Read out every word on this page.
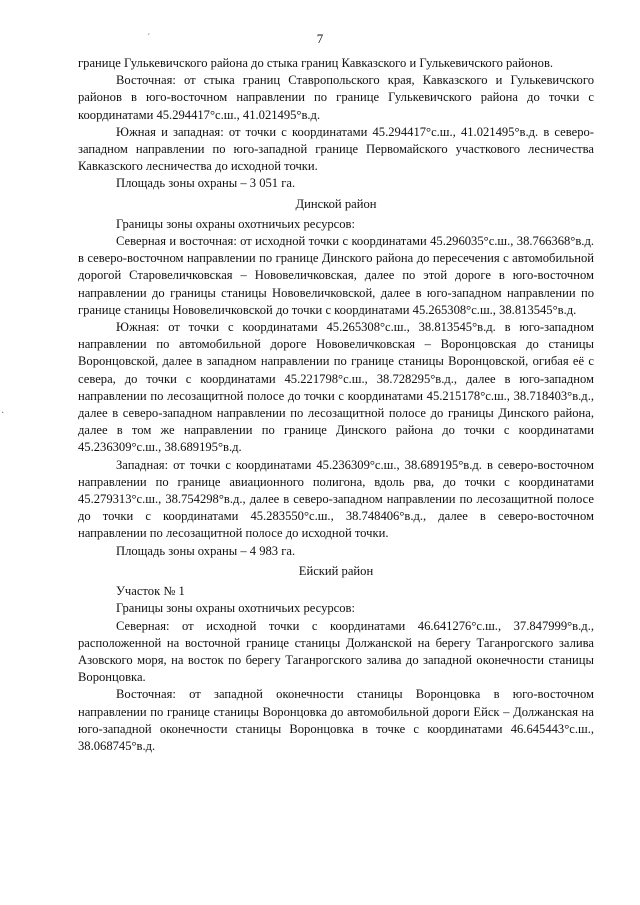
7
´
·

границе Гулькевичского района до стыка границ Кавказского и Гулькевичского районов.

Восточная: от стыка границ Ставропольского края, Кавказского и Гулькевичского районов в юго-восточном направлении по границе Гулькевичского района до точки с координатами 45.294417°с.ш., 41.021495°в.д.

Южная и западная: от точки с координатами 45.294417°с.ш., 41.021495°в.д. в северо-западном направлении по юго-западной границе Первомайского участкового лесничества Кавказского лесничества до исходной точки.

Площадь зоны охраны – 3 051 га.

Динской район

Границы зоны охраны охотничьих ресурсов:

Северная и восточная: от исходной точки с координатами 45.296035°с.ш., 38.766368°в.д. в северо-восточном направлении по границе Динского района до пересечения с автомобильной дорогой Старовеличковская – Нововеличковская, далее по этой дороге в юго-восточном направлении до границы станицы Нововеличковской, далее в юго-западном направлении по границе станицы Нововеличковской до точки с координатами 45.265308°с.ш., 38.813545°в.д.

Южная: от точки с координатами 45.265308°с.ш., 38.813545°в.д. в юго-западном направлении по автомобильной дороге Нововеличковская – Воронцовская до станицы Воронцовской, далее в западном направлении по границе станицы Воронцовской, огибая её с севера, до точки с координатами 45.221798°с.ш., 38.728295°в.д., далее в юго-западном направлении по лесозащитной полосе до точки с координатами 45.215178°с.ш., 38.718403°в.д., далее в северо-западном направлении по лесозащитной полосе до границы Динского района, далее в том же направлении по границе Динского района до точки с координатами 45.236309°с.ш., 38.689195°в.д.

Западная: от точки с координатами 45.236309°с.ш., 38.689195°в.д. в северо-восточном направлении по границе авиационного полигона, вдоль рва, до точки с координатами 45.279313°с.ш., 38.754298°в.д., далее в северо-западном направлении по лесозащитной полосе до точки с координатами 45.283550°с.ш., 38.748406°в.д., далее в северо-восточном направлении по лесозащитной полосе до исходной точки.

Площадь зоны охраны – 4 983 га.

Ейский район

Участок № 1

Границы зоны охраны охотничьих ресурсов:

Северная: от исходной точки с координатами 46.641276°с.ш., 37.847999°в.д., расположенной на восточной границе станицы Должанской на берегу Таганрогского залива Азовского моря, на восток по берегу Таганрогского залива до западной оконечности станицы Воронцовка.

Восточная: от западной оконечности станицы Воронцовка в юго-восточном направлении по границе станицы Воронцовка до автомобильной дороги Ейск – Должанская на юго-западной оконечности станицы Воронцовка в точке с координатами 46.645443°с.ш., 38.068745°в.д.
